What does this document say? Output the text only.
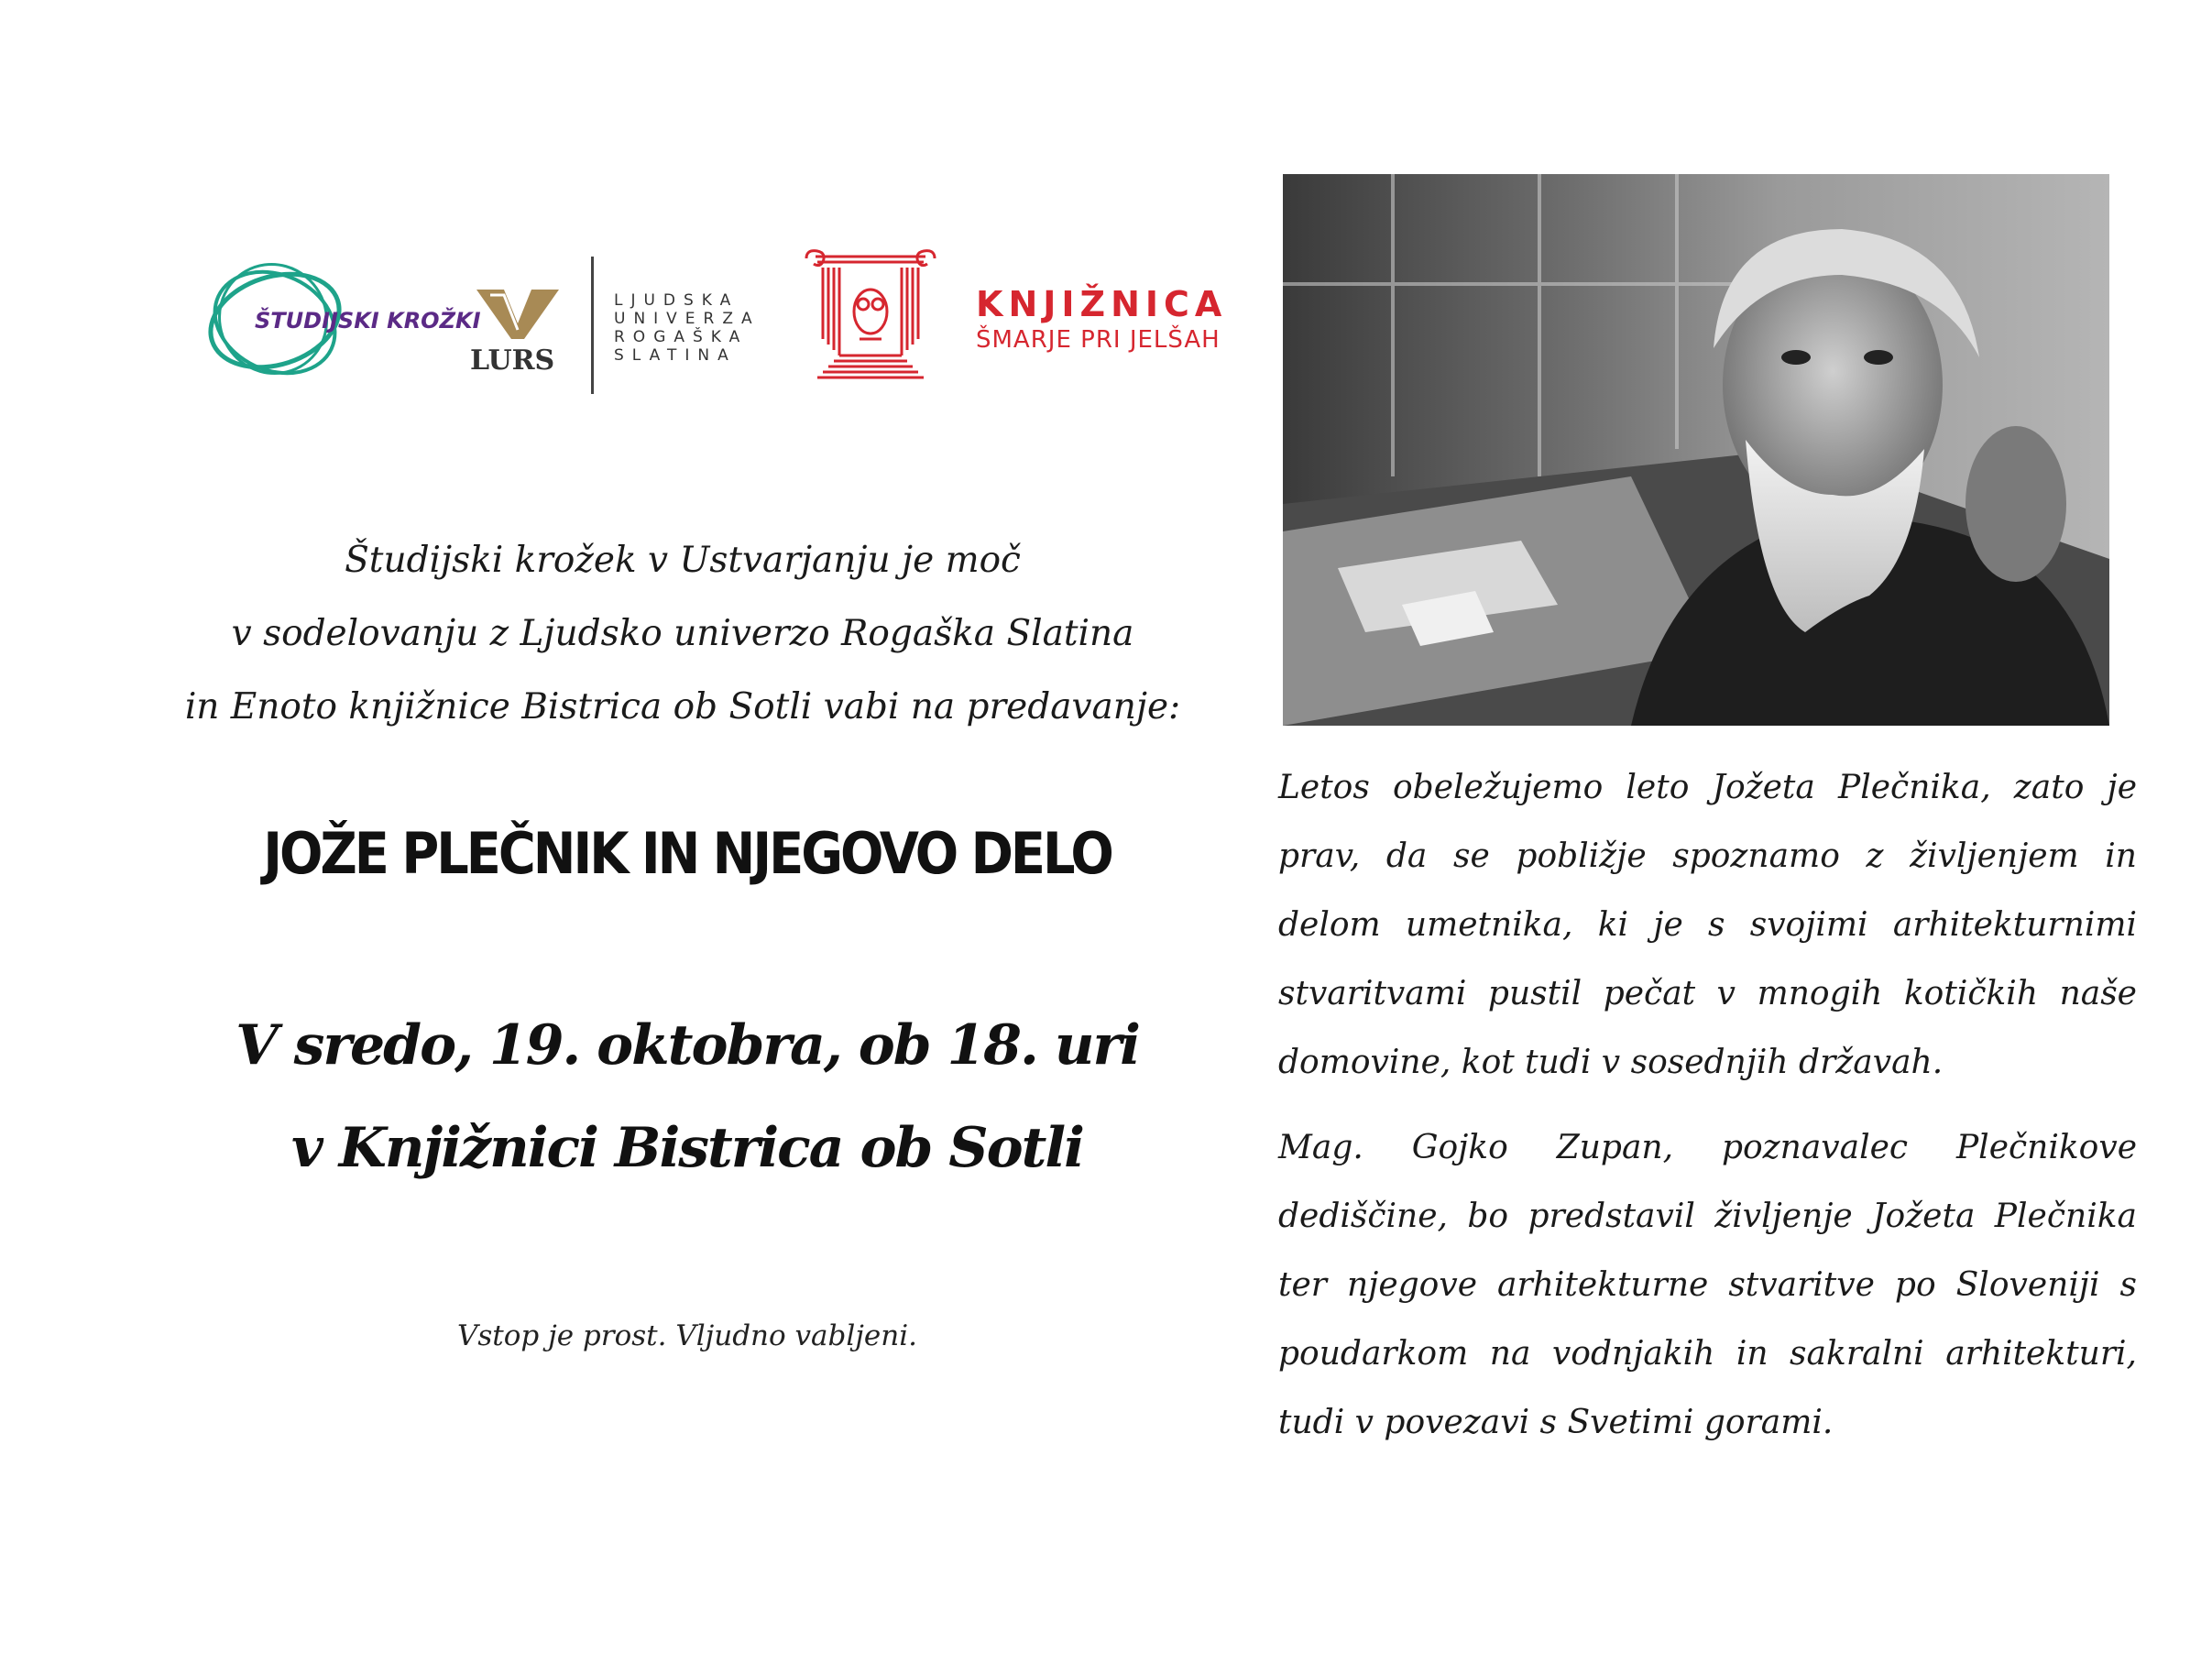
ŠTUDIJSKI KROŽKI
LURS
LJUDSKA
UNIVERZA
ROGAŠKA
SLATINA
KNJIŽNICA
ŠMARJE PRI JELŠAH
Študijski krožek v Ustvarjanju je moč
v sodelovanju z Ljudsko univerzo Rogaška Slatina
in Enoto knjižnice Bistrica ob Sotli vabi na predavanje:
JOŽE PLEČNIK IN NJEGOVO DELO
V sredo, 19. oktobra, ob 18. uri
v Knjižnici Bistrica ob Sotli
Vstop je prost. Vljudno vabljeni.

Letos obeležujemo leto Jožeta Plečnika, zato je prav, da se pobližje spoznamo z življenjem in delom umetnika, ki je s svojimi arhitekturnimi stvaritvami pustil pečat v mnogih kotičkih naše domovine, kot tudi v sosednjih državah.

Mag. Gojko Zupan, poznavalec Plečnikove dediščine, bo predstavil življenje Jožeta Plečnika ter njegove arhitekturne stvaritve po Sloveniji s poudarkom na vodnjakih in sakralni arhitekturi, tudi v povezavi s Svetimi gorami.
